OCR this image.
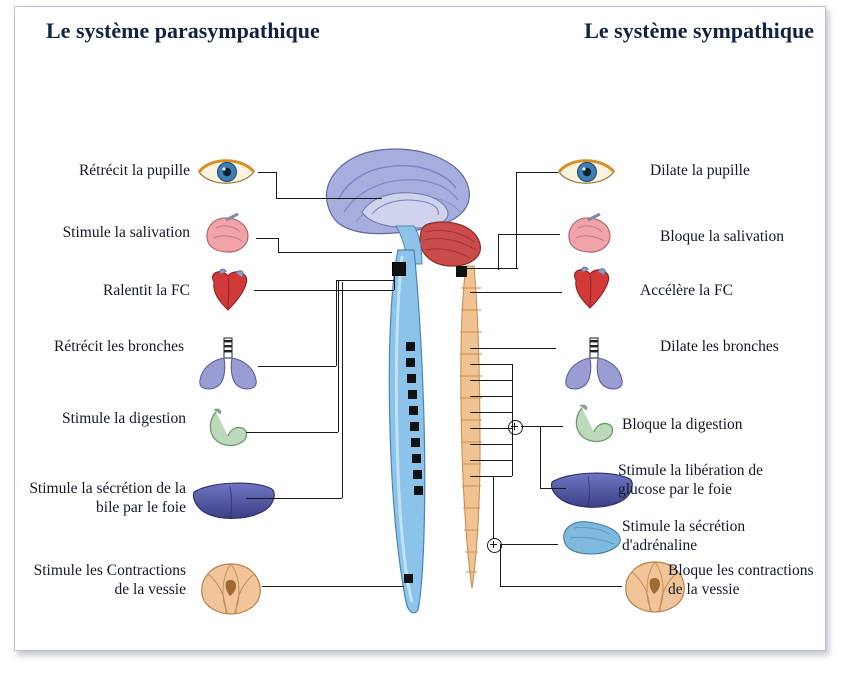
Le système parasympathique	Le système sympathique
Rétrécit la pupille
Stimule la salivation
Ralentit la FC
Rétrécit les bronches
Stimule la digestion
Stimule la sécrétion de la bile par le foie
Stimule les Contractions de la vessie
Dilate la pupille
Bloque la salivation
Accélère la FC
Dilate les bronches
Bloque la digestion
Stimule la libération de glucose par le foie
Stimule la sécrétion d'adrénaline
Bloque les contractions de la vessie
